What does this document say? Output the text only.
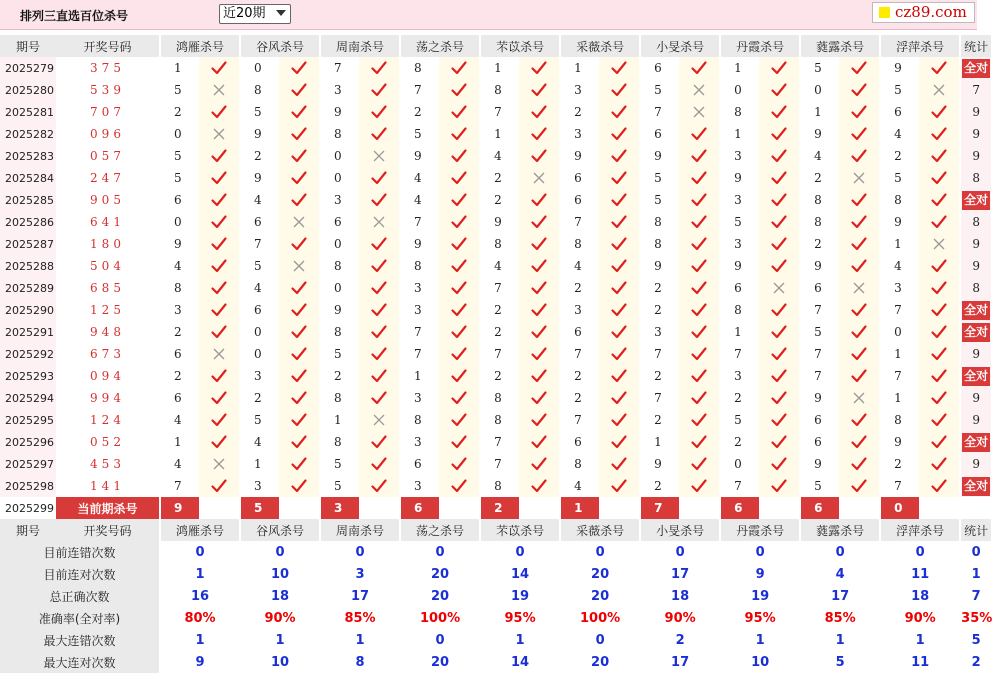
排列三直选百位杀号	近20期	cz89.com
期号	开奖号码		鸿雁杀号			谷风杀号			周南杀号			荡之杀号			芣苡杀号			采薇杀号			小旻杀号			丹霞杀号			蕤露杀号			浮萍杀号			统计
2025279	375		1			0			7			8			1			1			6			1			5			9			全对
2025280	539		5			8			3			7			8			3			5			0			0			5			7
2025281	707		2			5			9			2			7			2			7			8			1			6			9
2025282	096		0			9			8			5			1			3			6			1			9			4			9
2025283	057		5			2			0			9			4			9			9			3			4			2			9
2025284	247		5			9			0			4			2			6			5			9			2			5			8
2025285	905		6			4			3			4			2			6			5			3			8			8			全对
2025286	641		0			6			6			7			9			7			8			5			8			9			8
2025287	180		9			7			0			9			8			8			8			3			2			1			9
2025288	504		4			5			8			8			4			4			9			9			9			4			9
2025289	685		8			4			0			3			7			2			2			6			6			3			8
2025290	125		3			6			9			3			2			3			2			8			7			7			全对
2025291	948		2			0			8			7			2			6			3			1			5			0			全对
2025292	673		6			0			5			7			7			7			7			7			7			1			9
2025293	094		2			3			2			1			2			2			2			3			7			7			全对
2025294	994		6			2			8			3			8			2			7			2			9			1			9
2025295	124		4			5			1			8			8			7			2			5			6			8			9
2025296	052		1			4			8			3			7			6			1			2			6			9			全对
2025297	453		4			1			5			6			7			8			9			0			9			2			9
2025298	141		7			3			5			3			8			4			2			7			5			7			全对
2025299	当前期杀号		9			5			3			6			2			1			7			6			6			0			
期号	开奖号码		鸿雁杀号			谷风杀号			周南杀号			荡之杀号			芣苡杀号			采薇杀号			小旻杀号			丹霞杀号			蕤露杀号			浮萍杀号			统计
目前连错次数			0			0			0			0			0			0			0			0			0			0			0
目前连对次数			1			10			3			20			14			20			17			9			4			11			1
总正确次数			16			18			17			20			19			20			18			19			17			18			7
准确率(全对率)			80%			90%			85%			100%			95%			100%			90%			95%			85%			90%			35%
最大连错次数			1			1			1			0			1			0			2			1			1			1			5
最大连对次数			9			10			8			20			14			20			17			10			5			11			2
